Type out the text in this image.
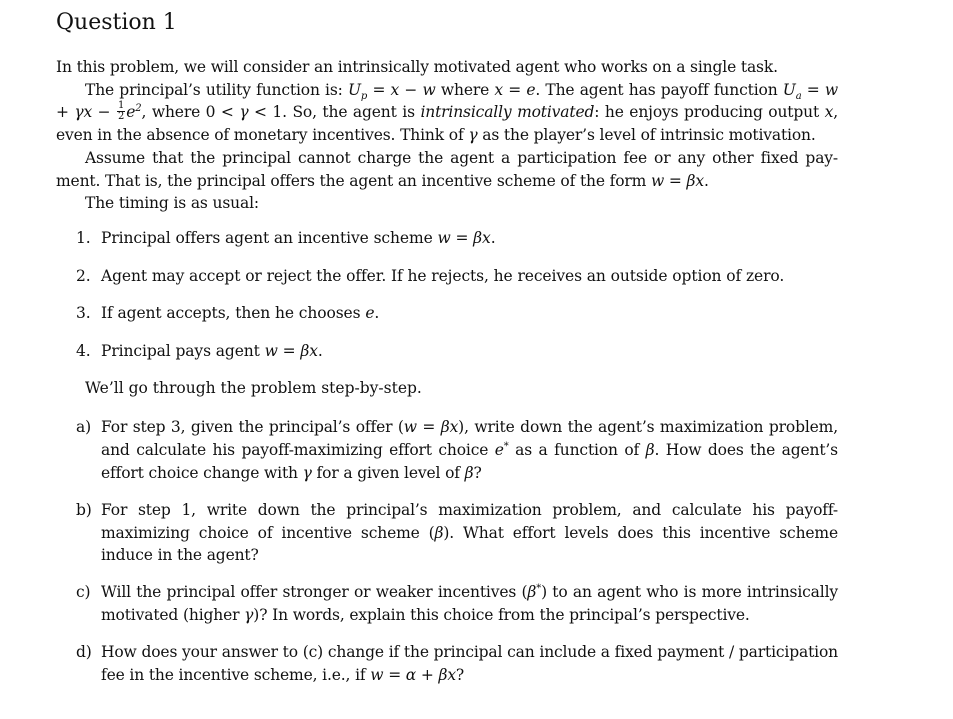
Question 1

In this problem, we will consider an intrinsically motivated agent who works on a single task.
The principal’s utility function is: $U_p = x - w$ where x = e. The agent has payoff function $U_a = w + \gamma x - \frac{1}{2} e^2$, where 0 < γ < 1. So, the agent is intrinsically motivated: he enjoys producing output x, even in the absence of monetary incentives. Think of γ as the player’s level of intrinsic motivation.
Assume that the principal cannot charge the agent a participation fee or any other fixed pay-ment. That is, the principal offers the agent an incentive scheme of the form w = βx.
The timing is as usual:

1. Principal offers agent an incentive scheme w = βx.
2. Agent may accept or reject the offer. If he rejects, he receives an outside option of zero.
3. If agent accepts, then he chooses e.
4. Principal pays agent w = βx.

We’ll go through the problem step-by-step.

a) For step 3, given the principal’s offer (w = βx), write down the agent’s maximization problem, and calculate his payoff-maximizing effort choice e* as a function of β. How does the agent’s effort choice change with γ for a given level of β?
b) For step 1, write down the principal’s maximization problem, and calculate his payoff-maximizing choice of incentive scheme (β). What effort levels does this incentive scheme induce in the agent?
c) Will the principal offer stronger or weaker incentives (β*) to an agent who is more intrinsically motivated (higher γ)? In words, explain this choice from the principal’s perspective.
d) How does your answer to (c) change if the principal can include a fixed payment / participation fee in the incentive scheme, i.e., if w = α + βx?
